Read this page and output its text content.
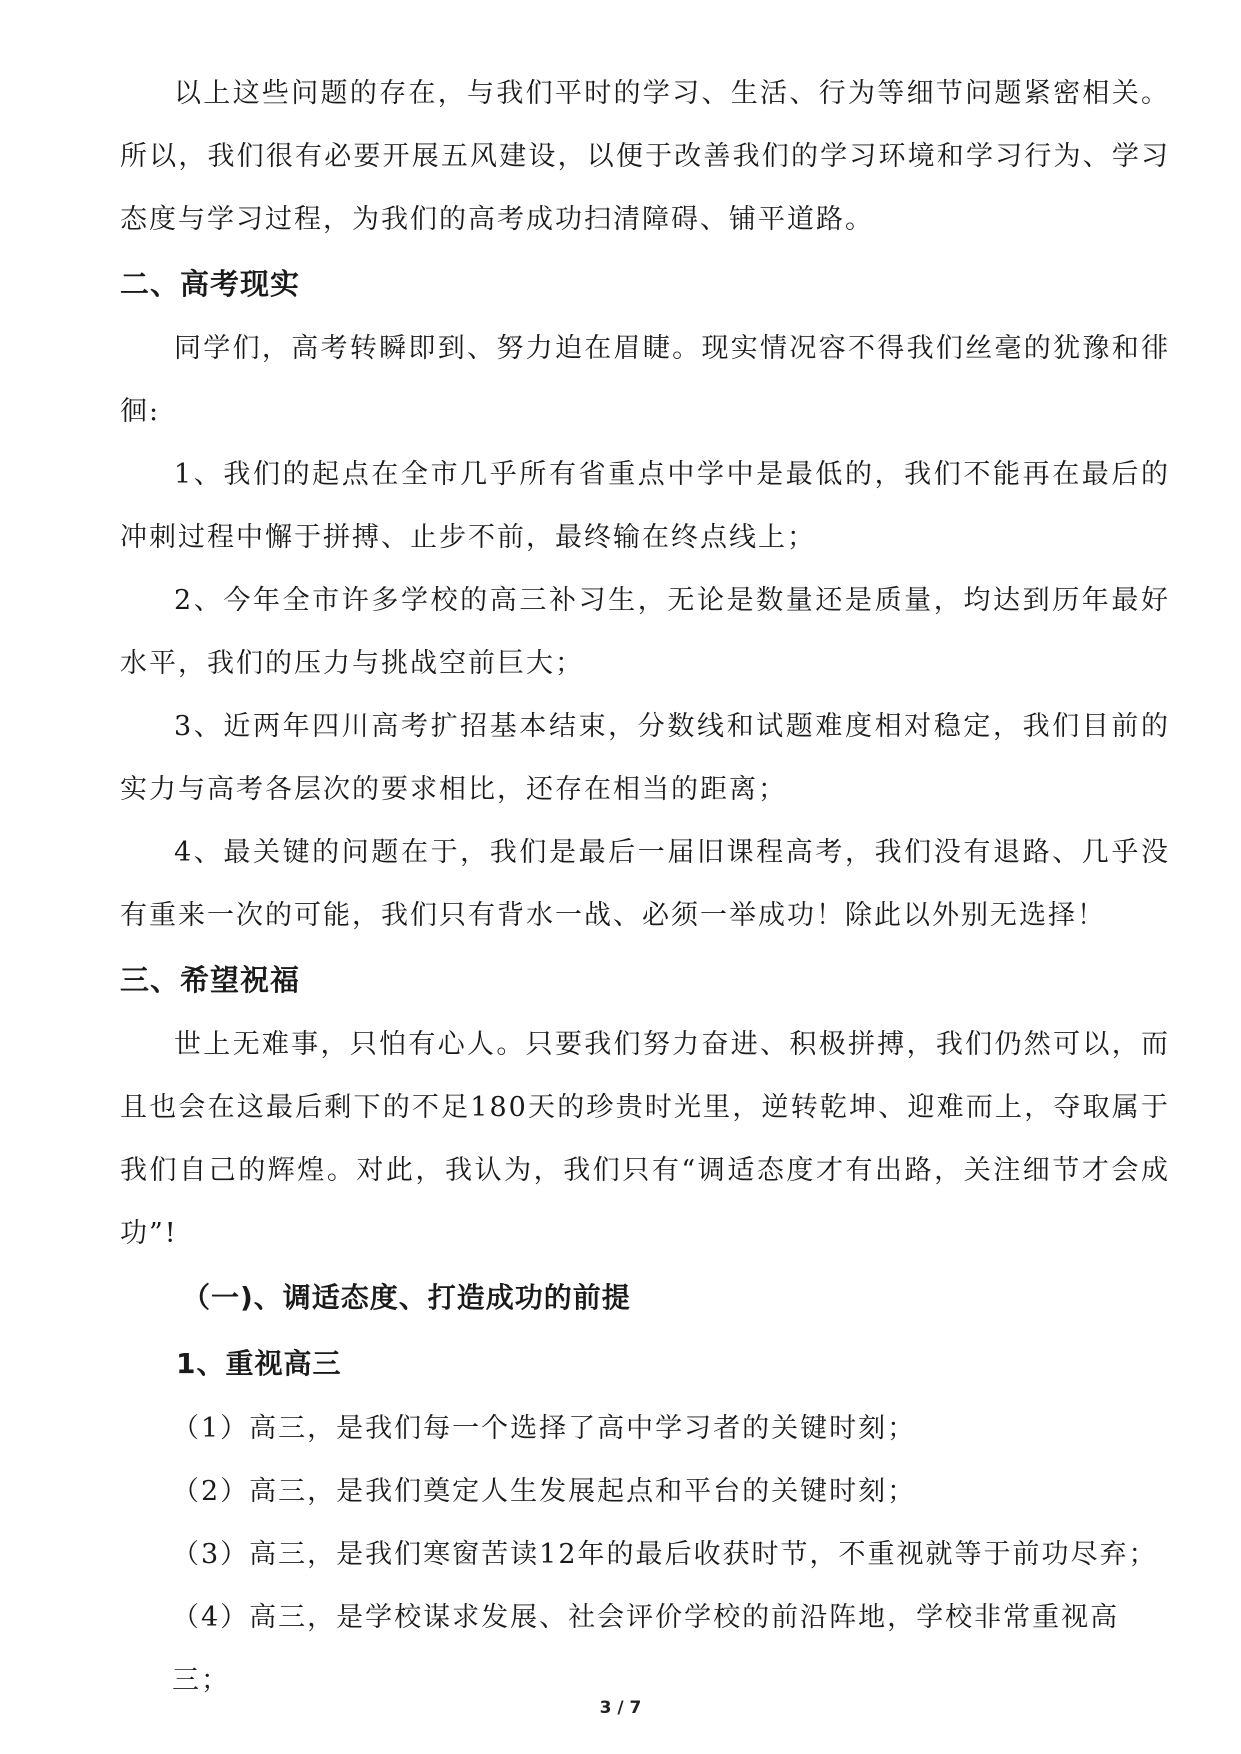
以上这些问题的存在，与我们平时的学习、生活、行为等细节问题紧密相关。所以，我们很有必要开展五风建设，以便于改善我们的学习环境和学习行为、学习态度与学习过程，为我们的高考成功扫清障碍、铺平道路。

二、高考现实

同学们，高考转瞬即到、努力迫在眉睫。现实情况容不得我们丝毫的犹豫和徘徊:

1、我们的起点在全市几乎所有省重点中学中是最低的，我们不能再在最后的冲刺过程中懈于拼搏、止步不前，最终输在终点线上；

2、今年全市许多学校的高三补习生，无论是数量还是质量，均达到历年最好水平，我们的压力与挑战空前巨大；

3、近两年四川高考扩招基本结束，分数线和试题难度相对稳定，我们目前的实力与高考各层次的要求相比，还存在相当的距离；

4、最关键的问题在于，我们是最后一届旧课程高考，我们没有退路、几乎没有重来一次的可能，我们只有背水一战、必须一举成功！除此以外别无选择！

三、希望祝福

世上无难事，只怕有心人。只要我们努力奋进、积极拼搏，我们仍然可以，而且也会在这最后剩下的不足180天的珍贵时光里，逆转乾坤、迎难而上，夺取属于我们自己的辉煌。对此，我认为，我们只有“调适态度才有出路，关注细节才会成功”!

（一)、调适态度、打造成功的前提
1、重视高三

（1）高三，是我们每一个选择了高中学习者的关键时刻；

（2）高三，是我们奠定人生发展起点和平台的关键时刻；

（3）高三，是我们寒窗苦读12年的最后收获时节，不重视就等于前功尽弃；

（4）高三，是学校谋求发展、社会评价学校的前沿阵地，学校非常重视高三；

3 / 7
